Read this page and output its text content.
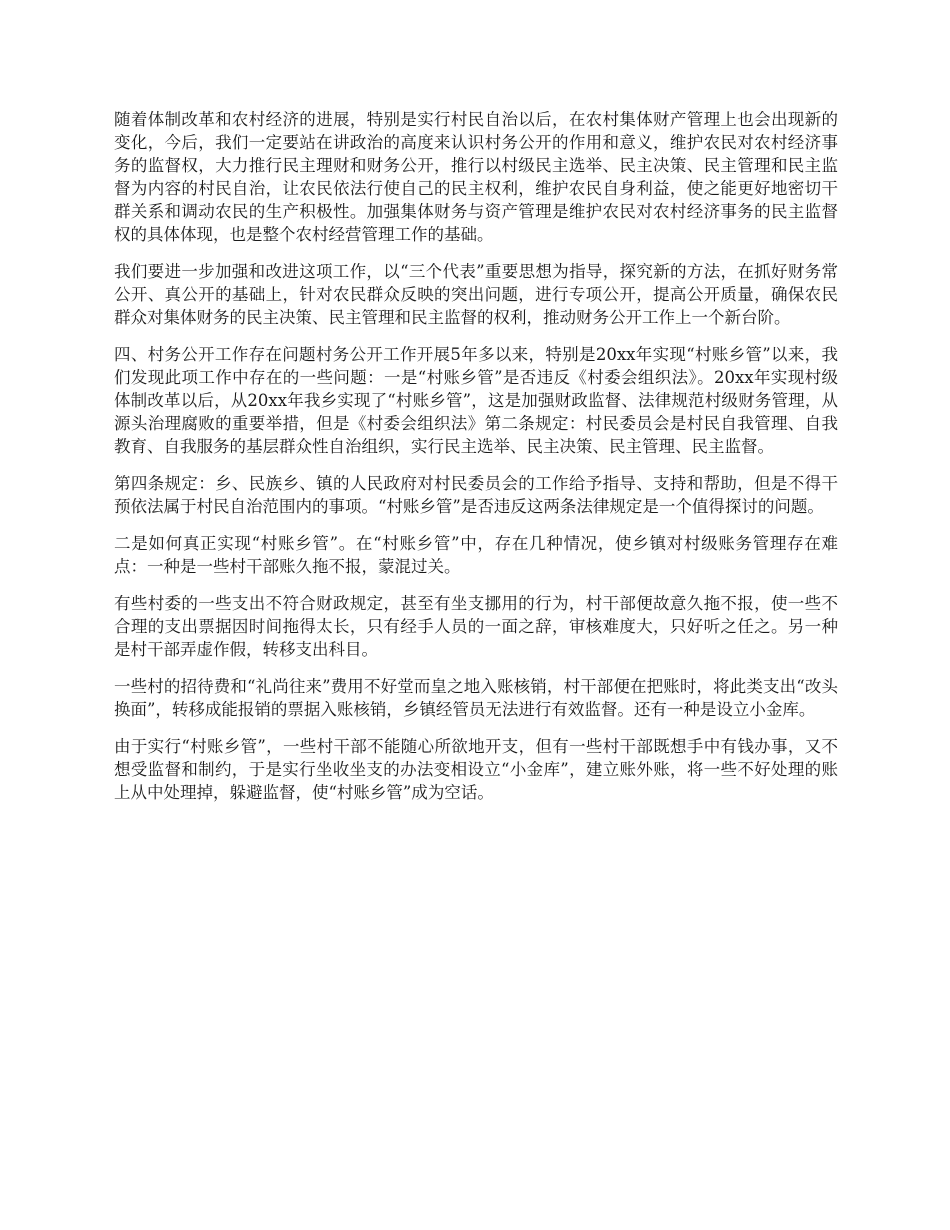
随着体制改革和农村经济的进展，特别是实行村民自治以后，在农村集体财产管理上也会出现新的变化，今后，我们一定要站在讲政治的高度来认识村务公开的作用和意义，维护农民对农村经济事务的监督权，大力推行民主理财和财务公开，推行以村级民主选举、民主决策、民主管理和民主监督为内容的村民自治，让农民依法行使自己的民主权利，维护农民自身利益，使之能更好地密切干群关系和调动农民的生产积极性。加强集体财务与资产管理是维护农民对农村经济事务的民主监督权的具体体现，也是整个农村经营管理工作的基础。

我们要进一步加强和改进这项工作，以“三个代表”重要思想为指导，探究新的方法，在抓好财务常公开、真公开的基础上，针对农民群众反映的突出问题，进行专项公开，提高公开质量，确保农民群众对集体财务的民主决策、民主管理和民主监督的权利，推动财务公开工作上一个新台阶。

四、村务公开工作存在问题村务公开工作开展5年多以来，特别是20xx年实现“村账乡管”以来，我们发现此项工作中存在的一些问题：一是“村账乡管”是否违反《村委会组织法》。20xx年实现村级体制改革以后，从20xx年我乡实现了“村账乡管”，这是加强财政监督、法律规范村级财务管理，从源头治理腐败的重要举措，但是《村委会组织法》第二条规定：村民委员会是村民自我管理、自我教育、自我服务的基层群众性自治组织，实行民主选举、民主决策、民主管理、民主监督。

第四条规定：乡、民族乡、镇的人民政府对村民委员会的工作给予指导、支持和帮助，但是不得干预依法属于村民自治范围内的事项。“村账乡管”是否违反这两条法律规定是一个值得探讨的问题。

二是如何真正实现“村账乡管”。在“村账乡管”中，存在几种情况，使乡镇对村级账务管理存在难点：一种是一些村干部账久拖不报，蒙混过关。

有些村委的一些支出不符合财政规定，甚至有坐支挪用的行为，村干部便故意久拖不报，使一些不合理的支出票据因时间拖得太长，只有经手人员的一面之辞，审核难度大，只好听之任之。另一种是村干部弄虚作假，转移支出科目。

一些村的招待费和“礼尚往来”费用不好堂而皇之地入账核销，村干部便在把账时，将此类支出“改头换面”，转移成能报销的票据入账核销，乡镇经管员无法进行有效监督。还有一种是设立小金库。

由于实行“村账乡管”，一些村干部不能随心所欲地开支，但有一些村干部既想手中有钱办事，又不想受监督和制约，于是实行坐收坐支的办法变相设立“小金库”，建立账外账，将一些不好处理的账上从中处理掉，躲避监督，使“村账乡管”成为空话。
